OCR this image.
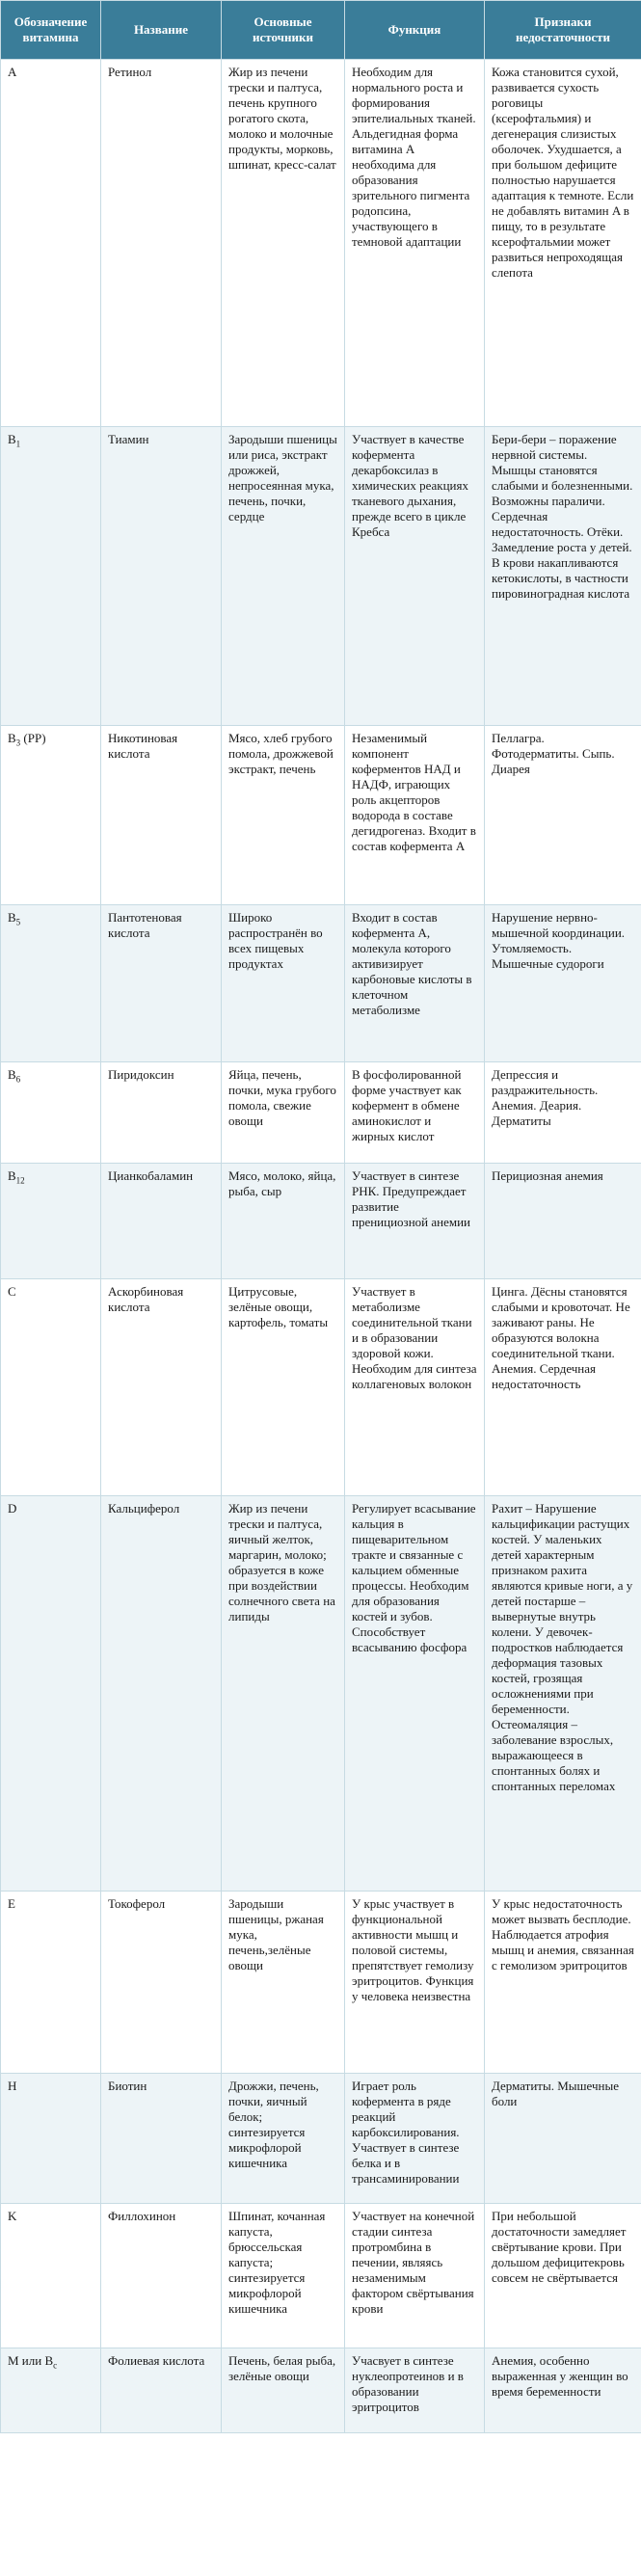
Обозначение витамина	Название	Основные источники	Функция	Признаки недостаточности
A	Ретинол	Жир из печени трески и палтуса, печень крупного рогатого скота, молоко и молочные продукты, морковь, шпинат, кресс-салат	Необходим для нормального роста и формирования эпителиальных тканей. Альдегидная форма витамина A необходима для образования зрительного пигмента родопсина, участвующего в темновой адаптации	Кожа становится сухой, развивается сухость роговицы (ксерофтальмия) и дегенерация слизистых оболочек. Ухудшается, а при большом дефиците полностью нарушается адаптация к темноте. Если не добавлять витамин A в пищу, то в результате ксерофтальмии может развиться непроходящая слепота
$B_1$	Тиамин	Зародыши пшеницы или риса, экстракт дрожжей, непросеянная мука, печень, почки, сердце	Участвует в качестве кофермента декарбоксилаз в химических реакциях тканевого дыхания, прежде всего в цикле Кребса	Бери-бери – поражение нервной системы. Мышцы становятся слабыми и болезненными. Возможны параличи. Сердечная недостаточность. Отёки. Замедление роста у детей. В крови накапливаются кетокислоты, в частности пировиноградная кислота
$B_3$ (PP)	Никотиновая кислота	Мясо, хлеб грубого помола, дрожжевой экстракт, печень	Незаменимый компонент коферментов НАД и НАДФ, играющих роль акцепторов водорода в составе дегидрогеназ. Входит в состав кофермента A	Пеллагра. Фотодерматиты. Сыпь. Диарея
$B_5$	Пантотеновая кислота	Широко распространён во всех пищевых продуктах	Входит в состав кофермента A, молекула которого активизирует карбоновые кислоты в клеточном метаболизме	Нарушение нервно-мышечной координации. Утомляемость. Мышечные судороги
$B_6$	Пиридоксин	Яйца, печень, почки, мука грубого помола, свежие овощи	В фосфолированной форме участвует как кофермент в обмене аминокислот и жирных кислот	Депрессия и раздражительность. Анемия. Деария. Дерматиты
$B_{12}$	Цианкобаламин	Мясо, молоко, яйца, рыба, сыр	Участвует в синтезе РНК. Предупреждает развитие пренициозной анемии	Перициозная анемия
C	Аскорбиновая кислота	Цитрусовые, зелёные овощи, картофель, томаты	Участвует в метаболизме соединительной ткани и в образовании здоровой кожи. Необходим для синтеза коллагеновых волокон	Цинга. Дёсны становятся слабыми и кровоточат. Не заживают раны. Не образуются волокна соединительной ткани. Анемия. Сердечная недостаточность
D	Кальциферол	Жир из печени трески и палтуса, яичный желток, маргарин, молоко; образуется в коже при воздействии солнечного света на липиды	Регулирует всасывание кальция в пищеварительном тракте и связанные с кальцием обменные процессы. Необходим для образования костей и зубов. Способствует всасыванию фосфора	Рахит – Нарушение кальцификации растущих костей. У маленьких детей характерным признаком рахита являются кривые ноги, а у детей постарше – вывернутые внутрь колени. У девочек-подростков наблюдается деформация тазовых костей, грозящая осложнениями при беременности. Остеомаляция – заболевание взрослых, выражающееся в спонтанных болях и спонтанных переломах
E	Токоферол	Зародыши пшеницы, ржаная мука, печень,зелёные овощи	У крыс участвует в функциональной активности мышц и половой системы, препятствует гемолизу эритроцитов. Функция у человека неизвестна	У крыс недостаточность может вызвать бесплодие. Наблюдается атрофия мышц и анемия, связанная с гемолизом эритроцитов
H	Биотин	Дрожжи, печень, почки, яичный белок; синтезируется микрофлорой кишечника	Играет роль кофермента в ряде реакций карбоксилирования. Участвует в синтезе белка и в трансаминировании	Дерматиты. Мышечные боли
K	Филлохинон	Шпинат, кочанная капуста, брюссельская капуста; синтезируется микрофлорой кишечника	Участвует на конечной стадии синтеза протромбина в печении, являясь незаменимым фактором свёртывания крови	При небольшой достаточности замедляет свёртывание крови. При дольшом дефицитекровь совсем не свёртывается
M или $B_c$	Фолиевая кислота	Печень, белая рыба, зелёные овощи	Учасвует в синтезе нуклеопротеинов и в образовании эритроцитов	Анемия, особенно выраженная у женщин во время беременности
